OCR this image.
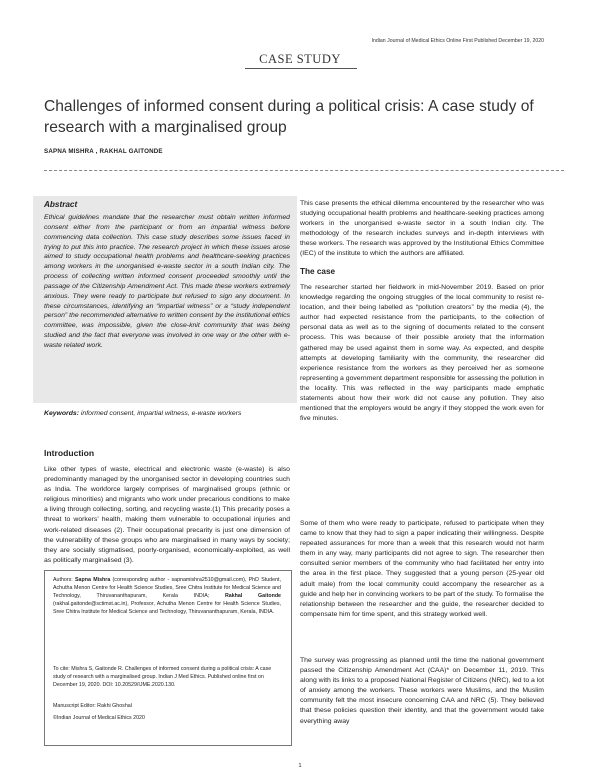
Indian Journal of Medical Ethics Online First Published December 19, 2020
CASE STUDY
Challenges of informed consent during a political crisis: A case study of research with a marginalised group
SAPNA MISHRA , RAKHAL GAITONDE
Abstract

Ethical guidelines mandate that the researcher must obtain written informed consent either from the participant or from an impartial witness before commencing data collection. This case study describes some issues faced in trying to put this into practice. The research project in which these issues arose aimed to study occupational health problems and healthcare-seeking practices among workers in the unorganised e-waste sector in a south Indian city. The process of collecting written informed consent proceeded smoothly until the passage of the Citizenship Amendment Act. This made these workers extremely anxious. They were ready to participate but refused to sign any document. In these circumstances, identifying an “impartial witness” or a “study independent person” the recommended alternative to written consent by the institutional ethics committee, was impossible, given the close-knit community that was being studied and the fact that everyone was involved in one way or the other with e-waste related work.

Keywords: informed consent, impartial witness, e-waste workers
Introduction

Like other types of waste, electrical and electronic waste (e-waste) is also predominantly managed by the unorganised sector in developing countries such as India. The workforce largely comprises of marginalised groups (ethnic or religious minorities) and migrants who work under precarious conditions to make a living through collecting, sorting, and recycling waste.(1) This precarity poses a threat to workers' health, making them vulnerable to occupational injuries and work-related diseases (2). Their occupational precarity is just one dimension of the vulnerability of these groups who are marginalised in many ways by society; they are socially stigmatised, poorly-organised, economically-exploited, as well as politically marginalised (3).

Authors: Sapna Mishra (corresponding author - sapnamishra2510@gmail.com), PhD Student, Achutha Menon Centre for Health Science Studies, Sree Chitra Institute for Medical Science and Technology, Thiruvananthapuram, Kerala INDIA;	Rakhal Gaitonde (rakhal.gaitonde@sctimst.ac.in), Professor, Achutha Menon Centre for Health Science Studies, Sree Chitra Institute for Medical Science and Technology, Thiruvananthapuram, Kerala, INDIA.

To cite: Mishra S, Gaitonde R. Challenges of informed consent during a political crisis: A case study of research with a marginalised group. Indian J Med Ethics. Published online first on December 19, 2020. DOI: 10.20529/IJME.2020.130.

Manuscript Editor: Rakhi Ghoshal
©Indian Journal of Medical Ethics 2020

This case presents the ethical dilemma encountered by the researcher who was studying occupational health problems and healthcare-seeking practices among workers in the unorganised e-waste sector in a south Indian city. The methodology of the research includes surveys and in-depth interviews with these workers. The research was approved by the Institutional Ethics Committee (IEC) of the institute to which the authors are affiliated.

The case

The researcher started her fieldwork in mid-November 2019. Based on prior knowledge regarding the ongoing struggles of the local community to resist re-location, and their being labelled as “pollution creators” by the media (4), the author had expected resistance from the participants, to the collection of personal data as well as to the signing of documents related to the consent process. This was because of their possible anxiety that the information gathered may be used against them in some way. As expected, and despite attempts at developing familiarity with the community, the researcher did experience resistance from the workers as they perceived her as someone representing a government department responsible for assessing the pollution in the locality. This was reflected in the way participants made emphatic statements about how their work did not cause any pollution. They also mentioned that the employers would be angry if they stopped the work even for five minutes.

Some of them who were ready to participate, refused to participate when they came to know that they had to sign a paper indicating their willingness. Despite repeated assurances for more than a week that this research would not harm them in any way, many participants did not agree to sign. The researcher then consulted senior members of the community who had facilitated her entry into the area in the first place. They suggested that a young person (25-year old adult male) from the local community could accompany the researcher as a guide and help her in convincing workers to be part of the study. To formalise the relationship between the researcher and the guide, the researcher decided to compensate him for time spent, and this strategy worked well.

The survey was progressing as planned until the time the national government passed the Citizenship Amendment Act (CAA)* on December 11, 2019. This along with its links to a proposed National Register of Citizens (NRC), led to a lot of anxiety among the workers. These workers were Muslims, and the Muslim community felt the most insecure concerning CAA and NRC (5). They believed that these policies question their identity, and that the government would take everything away

1
